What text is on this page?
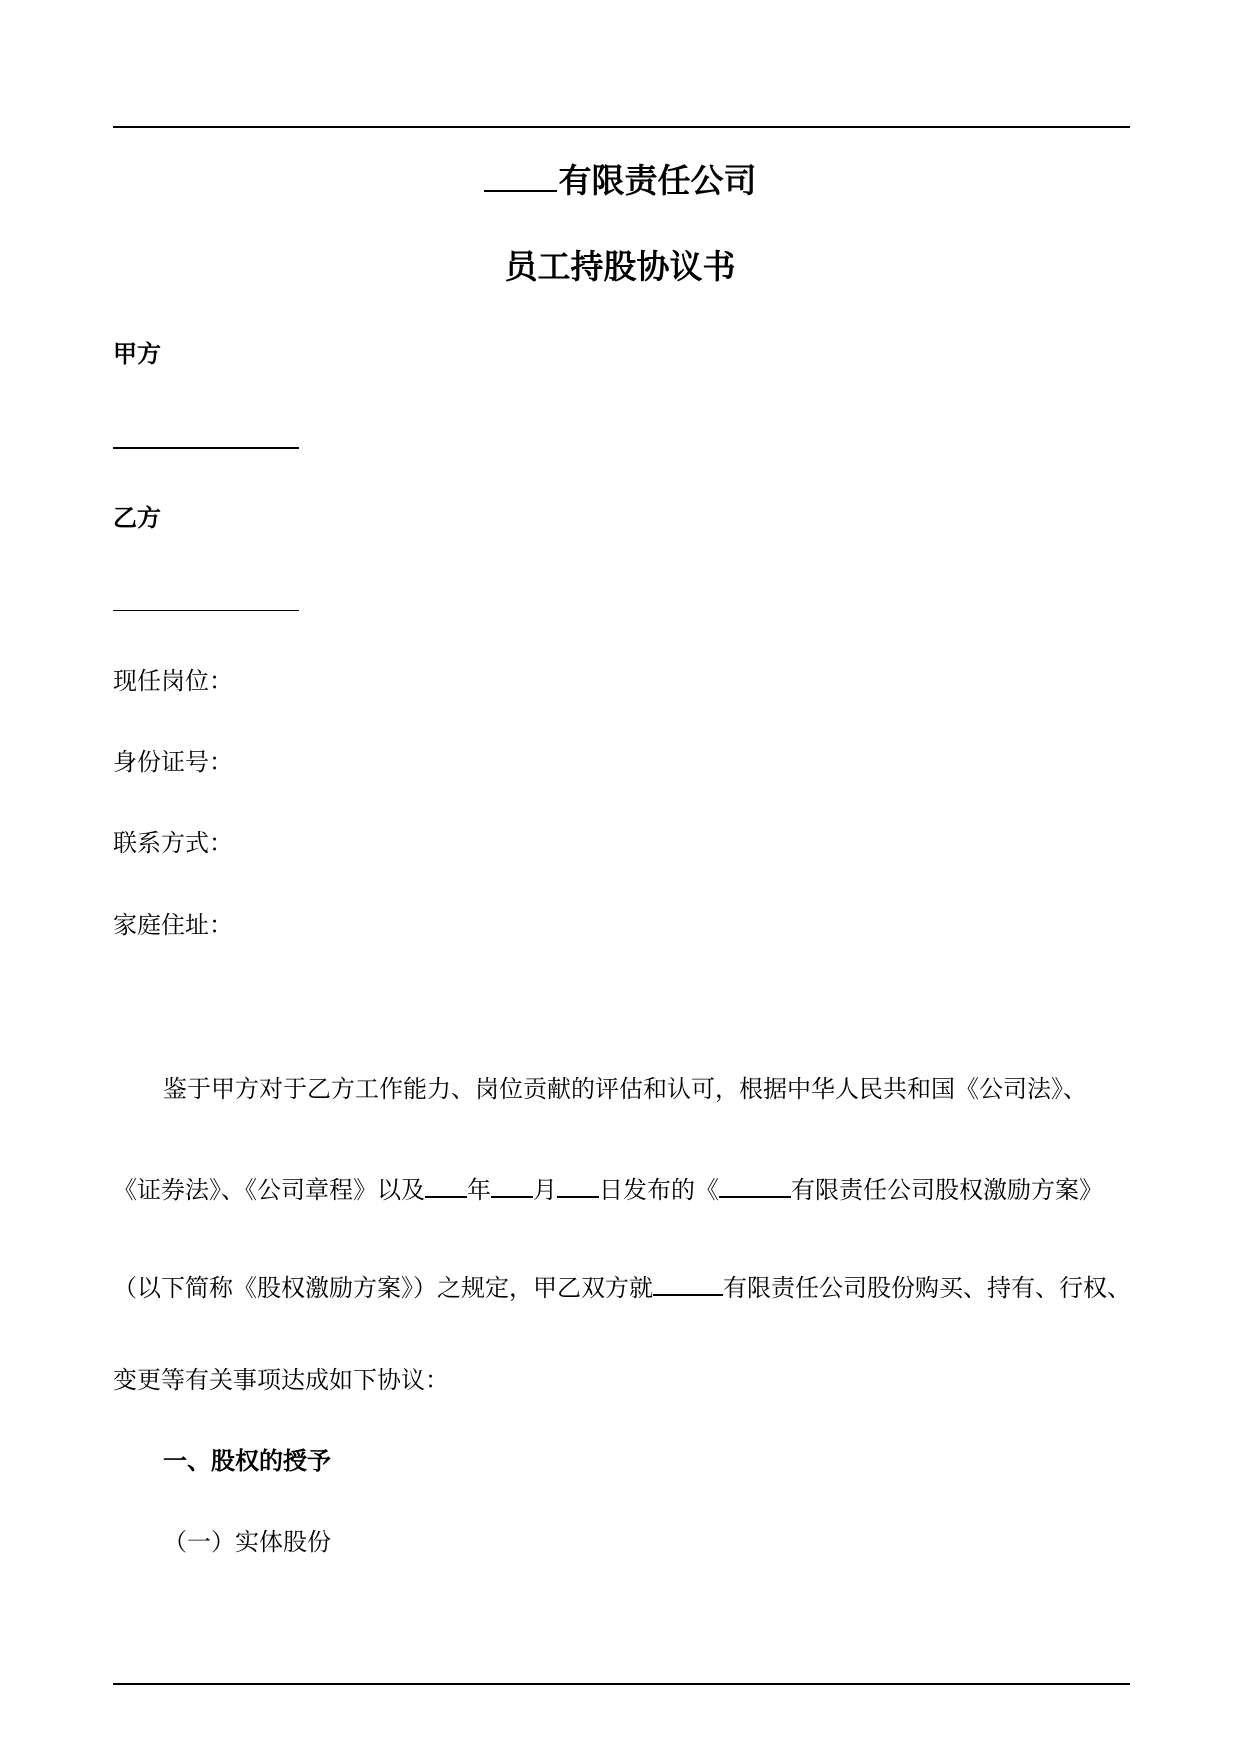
有限责任公司
员工持股协议书
甲方
乙方
现任岗位：
身份证号：
联系方式：
家庭住址：
鉴于甲方对于乙方工作能力、岗位贡献的评估和认可，根据中华人民共和国《公司法》、
《证券法》、《公司章程》以及 年 月 日发布的《	有限责任公司股权激励方案》
（以下简称《股权激励方案》）之规定，甲乙双方就	有限责任公司股份购买、持有、行权、
变更等有关事项达成如下协议：
一、股权的授予
（一）实体股份
